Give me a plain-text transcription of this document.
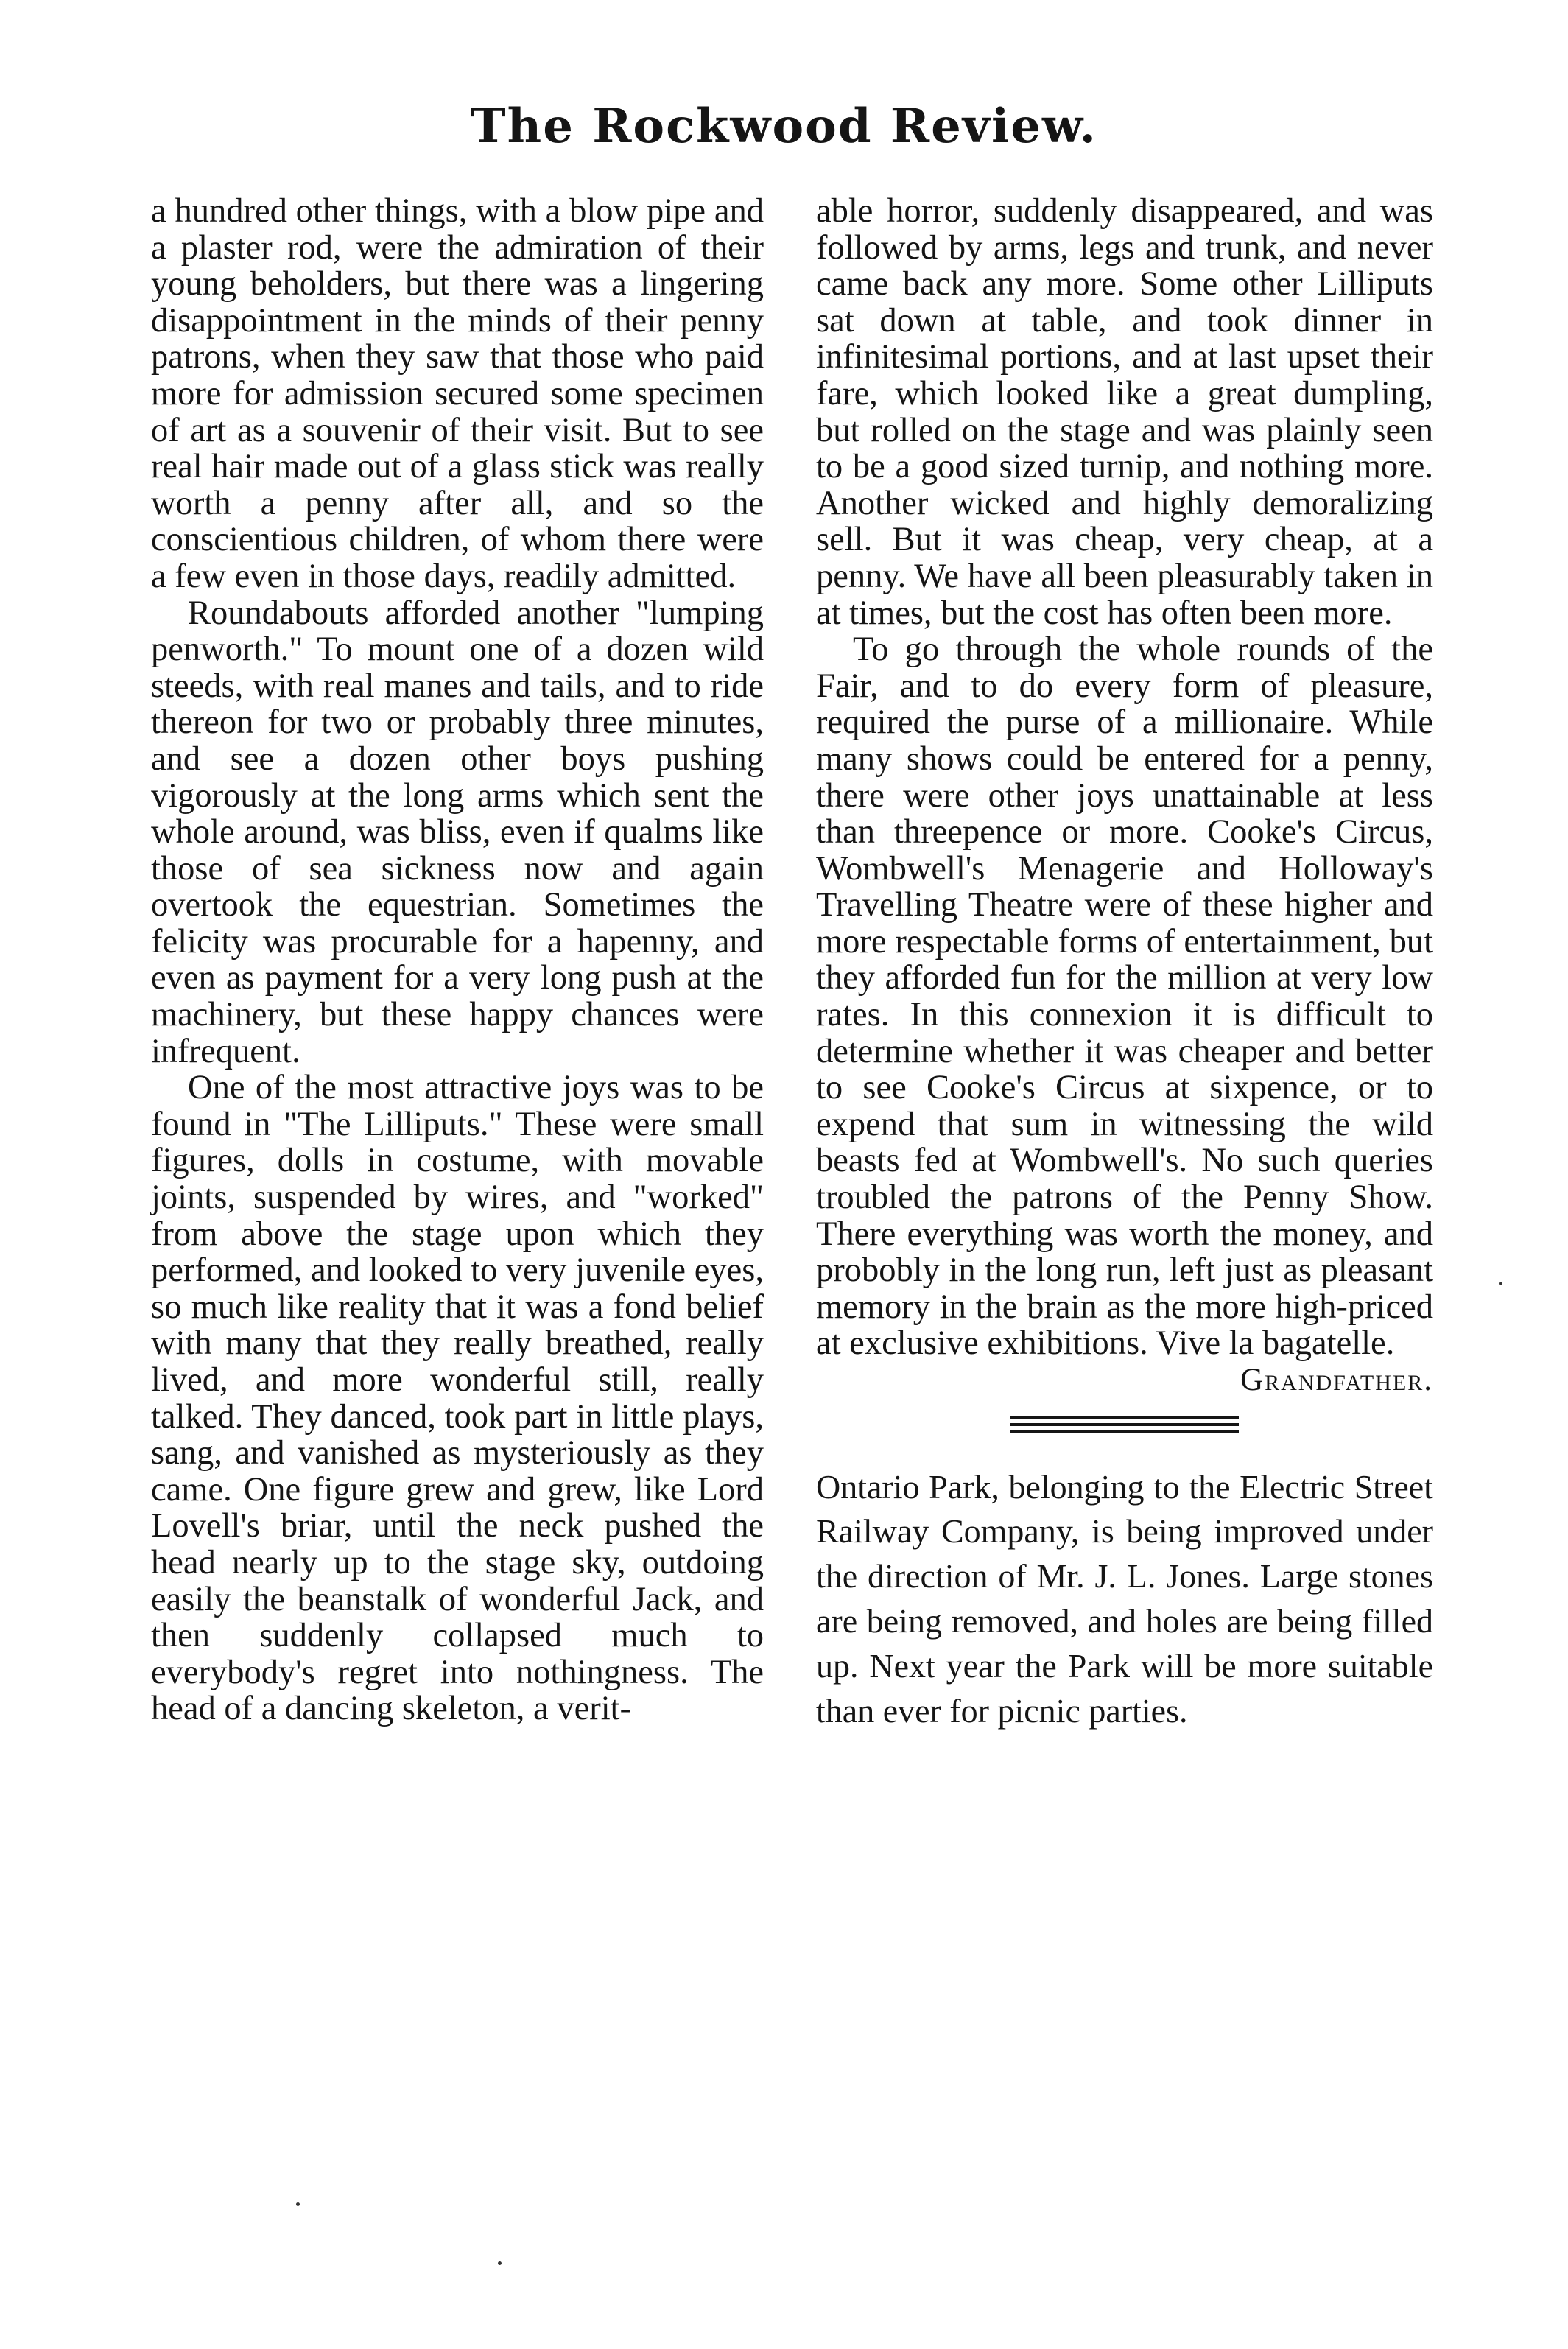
The Rockwood Review.

a hundred other things, with a blow pipe and a plaster rod, were the admiration of their young beholders, but there was a lingering disappointment in the minds of their penny patrons, when they saw that those who paid more for admission secured some specimen of art as a souvenir of their visit. But to see real hair made out of a glass stick was really worth a penny after all, and so the conscientious children, of whom there were a few even in those days, readily admitted.

Roundabouts afforded another "lumping penworth." To mount one of a dozen wild steeds, with real manes and tails, and to ride thereon for two or probably three minutes, and see a dozen other boys pushing vigorously at the long arms which sent the whole around, was bliss, even if qualms like those of sea sickness now and again overtook the equestrian. Sometimes the felicity was procurable for a hapenny, and even as payment for a very long push at the machinery, but these happy chances were infrequent.

One of the most attractive joys was to be found in "The Lilliputs." These were small figures, dolls in costume, with movable joints, suspended by wires, and "worked" from above the stage upon which they performed, and looked to very juvenile eyes, so much like reality that it was a fond belief with many that they really breathed, really lived, and more wonderful still, really talked. They danced, took part in little plays, sang, and vanished as mysteriously as they came. One figure grew and grew, like Lord Lovell's briar, until the neck pushed the head nearly up to the stage sky, outdoing easily the beanstalk of wonderful Jack, and then suddenly collapsed much to everybody's regret into nothingness. The head of a dancing skeleton, a verit-

able horror, suddenly disappeared, and was followed by arms, legs and trunk, and never came back any more. Some other Lilliputs sat down at table, and took dinner in infinitesimal portions, and at last upset their fare, which looked like a great dumpling, but rolled on the stage and was plainly seen to be a good sized turnip, and nothing more. Another wicked and highly demoralizing sell. But it was cheap, very cheap, at a penny. We have all been pleasurably taken in at times, but the cost has often been more.

To go through the whole rounds of the Fair, and to do every form of pleasure, required the purse of a millionaire. While many shows could be entered for a penny, there were other joys unattainable at less than threepence or more. Cooke's Circus, Wombwell's Menagerie and Holloway's Travelling Theatre were of these higher and more respectable forms of entertainment, but they afforded fun for the million at very low rates. In this connexion it is difficult to determine whether it was cheaper and better to see Cooke's Circus at sixpence, or to expend that sum in witnessing the wild beasts fed at Wombwell's. No such queries troubled the patrons of the Penny Show. There everything was worth the money, and probobly in the long run, left just as pleasant memory in the brain as the more high-priced at exclusive exhibitions. Vive la bagatelle.

Grandfather.

Ontario Park, belonging to the Electric Street Railway Company, is being improved under the direction of Mr. J. L. Jones. Large stones are being removed, and holes are being filled up. Next year the Park will be more suitable than ever for picnic parties.
